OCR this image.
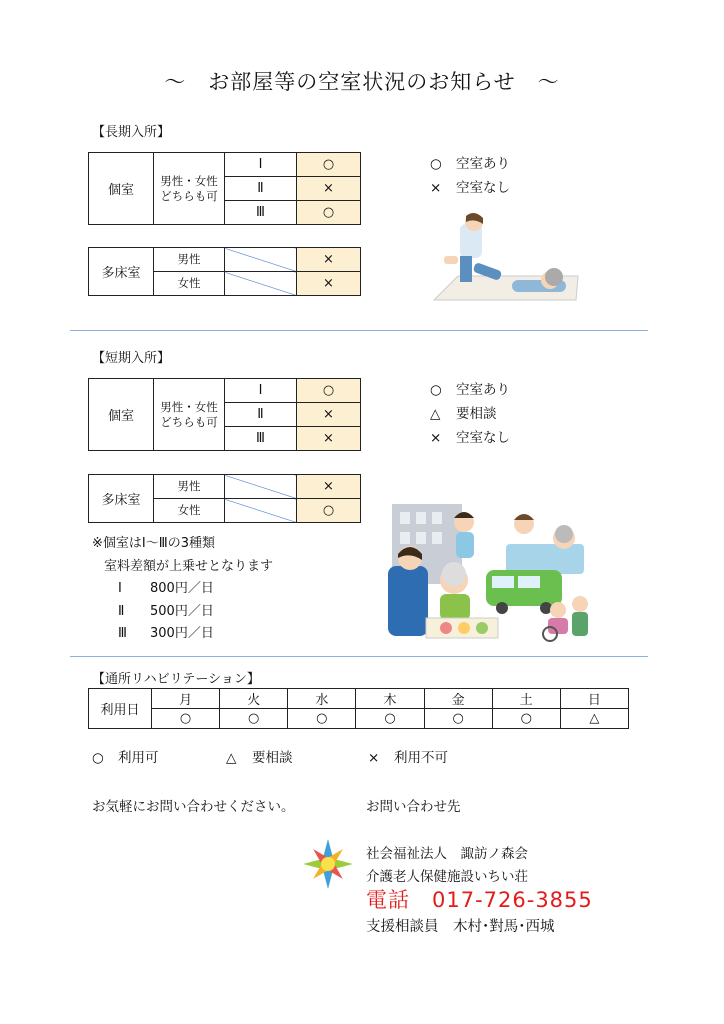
～　お部屋等の空室状況のお知らせ　～
【長期入所】
個室	男性・女性
どちらも可	Ⅰ	○
		Ⅱ	×
		Ⅲ	○
多床室	男性		×
	女性		×
○ 空室あり
× 空室なし
【短期入所】
個室	男性・女性
どちらも可	Ⅰ	○
		Ⅱ	×
		Ⅲ	×
多床室	男性		×
	女性		○
○ 空室あり
△ 要相談
× 空室なし
※個室はⅠ～Ⅲの3種類
室料差額が上乗せとなります
Ⅰ 800円／日
Ⅱ 500円／日
Ⅲ 300円／日
【通所リハビリテーション】
利用日	月	火	水	木	金	土	日
	○	○	○	○	○	○	△
○ 利用可	△ 要相談	× 利用不可
お気軽にお問い合わせください。	お問い合わせ先
社会福祉法人　諏訪ノ森会
介護老人保健施設いちい荘
電話　017-726-3855
支援相談員　木村･對馬･西城
